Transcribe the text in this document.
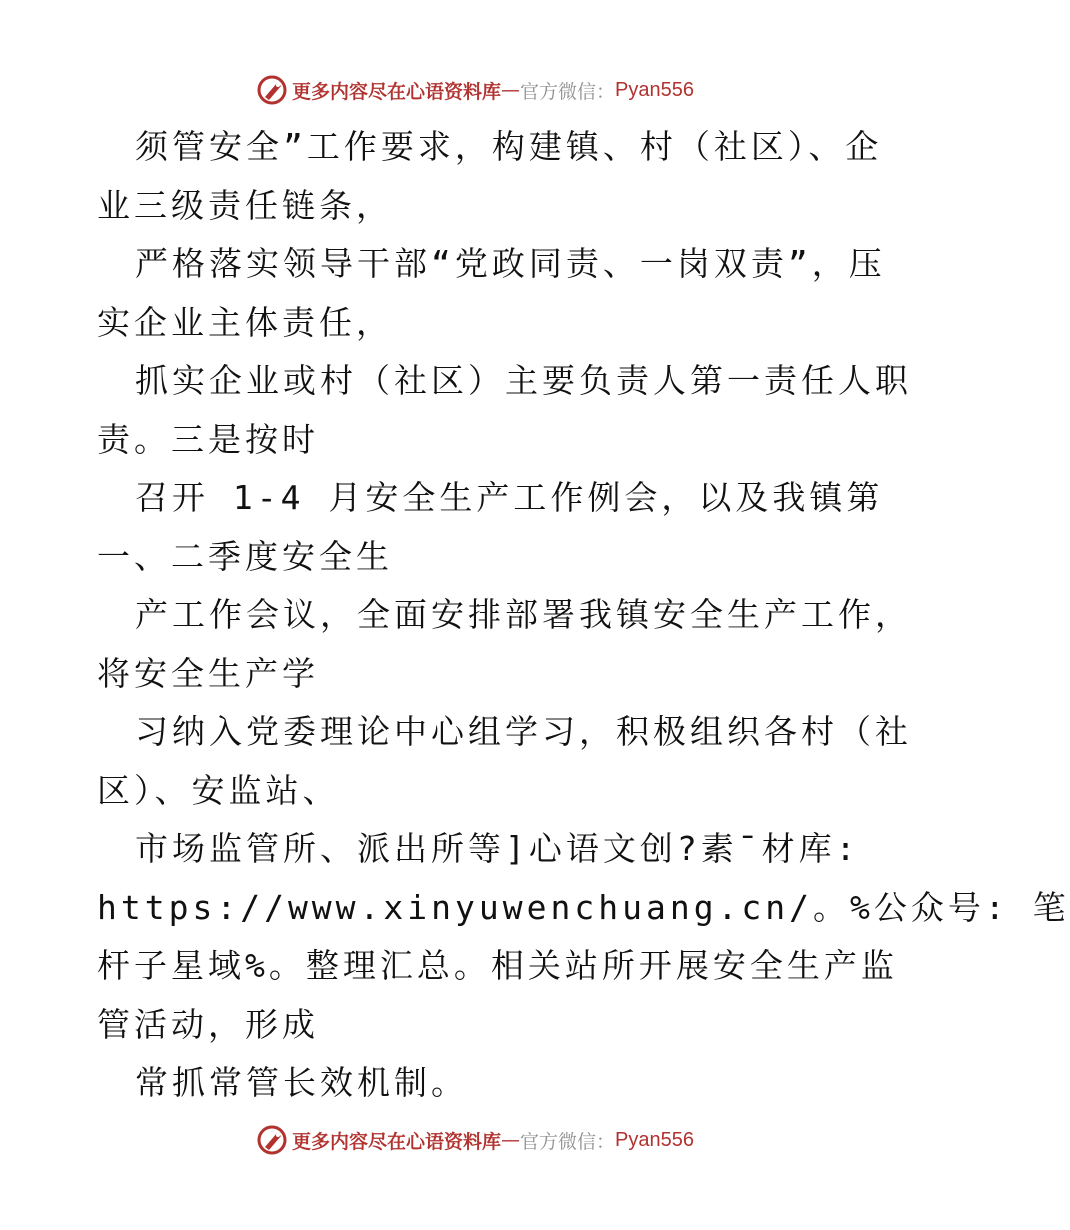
更多内容尽在心语资料库 — 官方微信： Pyan556
须管安全”工作要求，构建镇、村（社区）、企
业三级责任链条，
严格落实领导干部“党政同责、一岗双责”，压
实企业主体责任，
抓实企业或村（社区）主要负责人第一责任人职
责。三是按时
召开 1-4 月安全生产工作例会，以及我镇第
一、二季度安全生
产工作会议，全面安排部署我镇安全生产工作，
将安全生产学
习纳入党委理论中心组学习，积极组织各村（社
区）、安监站、
市场监管所、派出所等]心语文创?素¯材库:
https://www.xinyuwenchuang.cn/。%公众号: 笔
杆子星域%。整理汇总。相关站所开展安全生产监
管活动，形成
常抓常管长效机制。
更多内容尽在心语资料库 — 官方微信： Pyan556
